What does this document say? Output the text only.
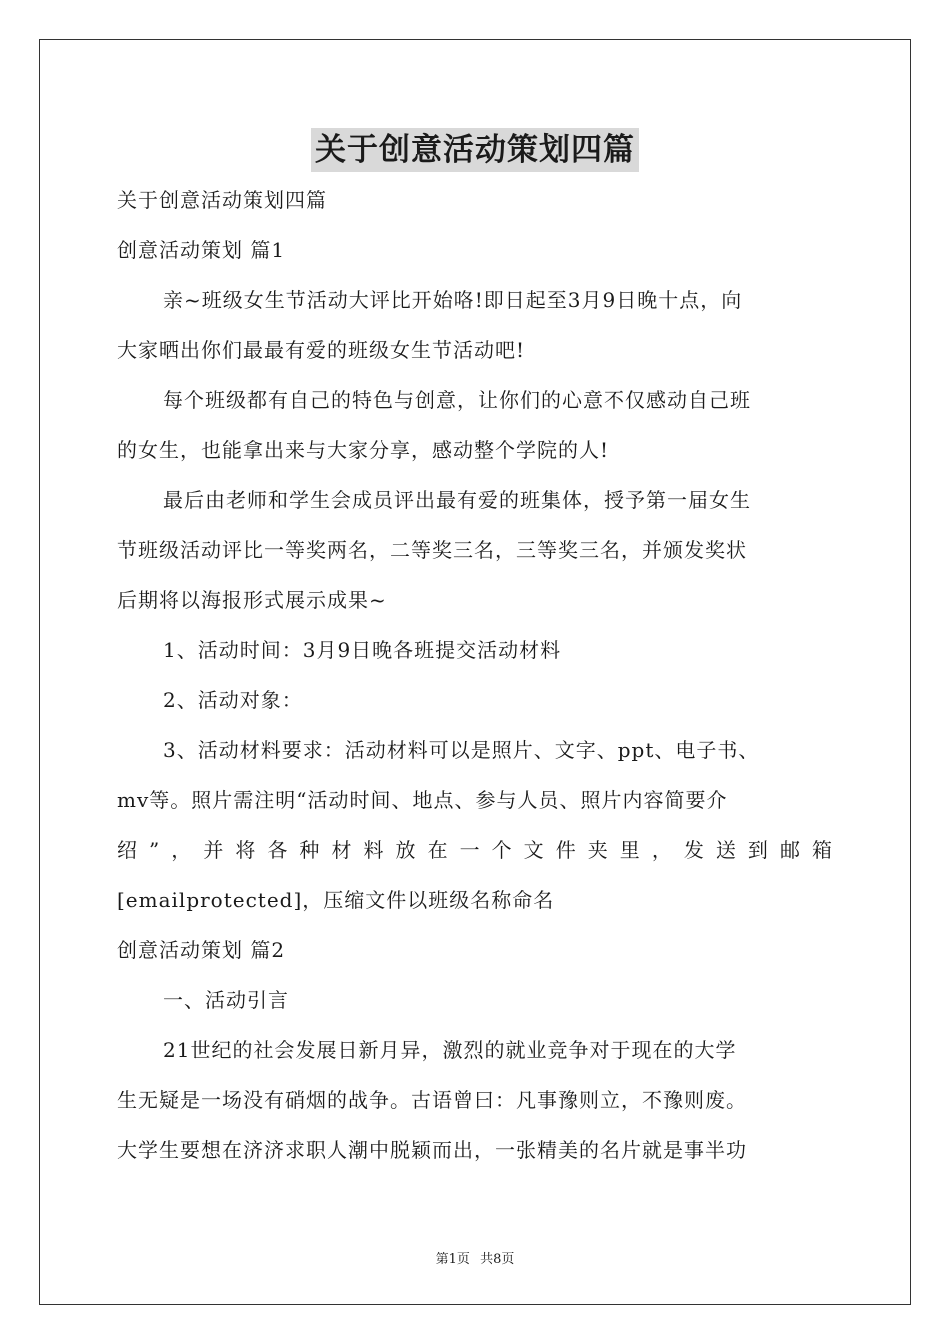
关于创意活动策划四篇
关于创意活动策划四篇
创意活动策划 篇1
亲~班级女生节活动大评比开始咯!即日起至3月9日晚十点，向
大家晒出你们最最有爱的班级女生节活动吧!
每个班级都有自己的特色与创意，让你们的心意不仅感动自己班
的女生，也能拿出来与大家分享，感动整个学院的人!
最后由老师和学生会成员评出最有爱的班集体，授予第一届女生
节班级活动评比一等奖两名，二等奖三名，三等奖三名，并颁发奖状
后期将以海报形式展示成果~
1、活动时间：3月9日晚各班提交活动材料
2、活动对象：
3、活动材料要求：活动材料可以是照片、文字、ppt、电子书、
mv等。照片需注明“活动时间、地点、参与人员、照片内容简要介
绍”，并将各种材料放在一个文件夹里，发送到邮箱
[emailprotected]，压缩文件以班级名称命名
创意活动策划 篇2
一、活动引言
21世纪的社会发展日新月异，激烈的就业竞争对于现在的大学
生无疑是一场没有硝烟的战争。古语曾曰：凡事豫则立，不豫则废。
大学生要想在济济求职人潮中脱颖而出，一张精美的名片就是事半功
第1页 共8页
